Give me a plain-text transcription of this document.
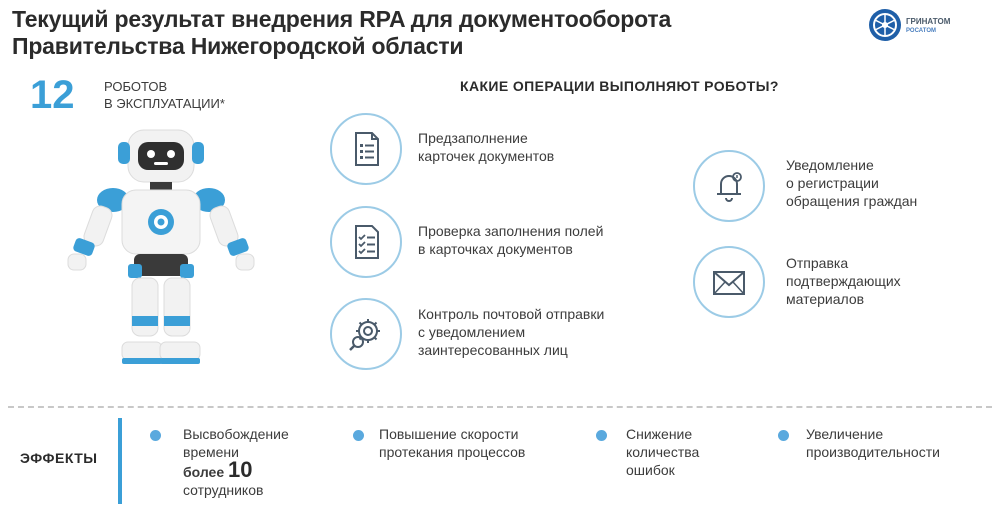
Текущий результат внедрения RPA для документооборота
Правительства Нижегородской области
ГРИНАТОМ
РОСАТОМ
12 РОБОТОВ
В ЭКСПЛУАТАЦИИ*
КАКИЕ ОПЕРАЦИИ ВЫПОЛНЯЮТ РОБОТЫ?
Предзаполнение
карточек документов
Проверка заполнения полей
в карточках документов
Контроль почтовой отправки
с уведомлением
заинтересованных лиц
Уведомление
о регистрации
обращения граждан
Отправка
подтверждающих
материалов
ЭФФЕКТЫ
Высвобождение
времени
более 10
сотрудников
Повышение скорости
протекания процессов
Снижение
количества
ошибок
Увеличение
производительности
